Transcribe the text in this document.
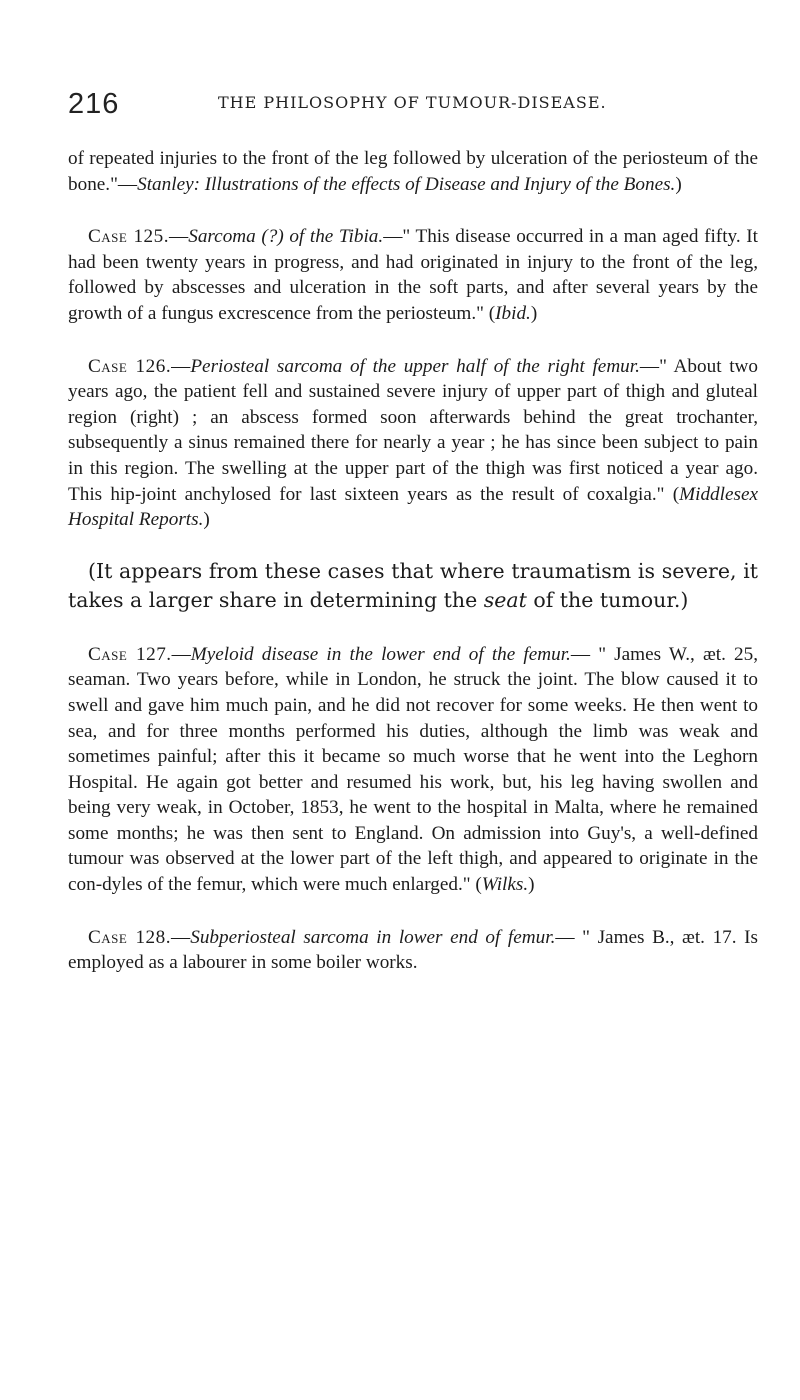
216	THE PHILOSOPHY OF TUMOUR-DISEASE.

of repeated injuries to the front of the leg followed by ulceration of the periosteum of the bone."—Stanley: Illustrations of the effects of Disease and Injury of the Bones.)

Case 125.—Sarcoma (?) of the Tibia.—" This disease occurred in a man aged fifty. It had been twenty years in progress, and had originated in injury to the front of the leg, followed by abscesses and ulceration in the soft parts, and after several years by the growth of a fungus excrescence from the periosteum." (Ibid.)

Case 126.—Periosteal sarcoma of the upper half of the right femur.—" About two years ago, the patient fell and sustained severe injury of upper part of thigh and gluteal region (right) ; an abscess formed soon afterwards behind the great trochanter, subsequently a sinus remained there for nearly a year ; he has since been subject to pain in this region. The swelling at the upper part of the thigh was first noticed a year ago. This hip-joint anchylosed for last sixteen years as the result of coxalgia." (Middlesex Hospital Reports.)

(It appears from these cases that where traumatism is severe, it takes a larger share in determining the seat of the tumour.)

Case 127.—Myeloid disease in the lower end of the femur.— " James W., æt. 25, seaman. Two years before, while in London, he struck the joint. The blow caused it to swell and gave him much pain, and he did not recover for some weeks. He then went to sea, and for three months performed his duties, although the limb was weak and sometimes painful; after this it became so much worse that he went into the Leghorn Hospital. He again got better and resumed his work, but, his leg having swollen and being very weak, in October, 1853, he went to the hospital in Malta, where he remained some months; he was then sent to England. On admission into Guy's, a well-defined tumour was observed at the lower part of the left thigh, and appeared to originate in the con-dyles of the femur, which were much enlarged." (Wilks.)

Case 128.—Subperiosteal sarcoma in lower end of femur.— " James B., æt. 17. Is employed as a labourer in some boiler works.
